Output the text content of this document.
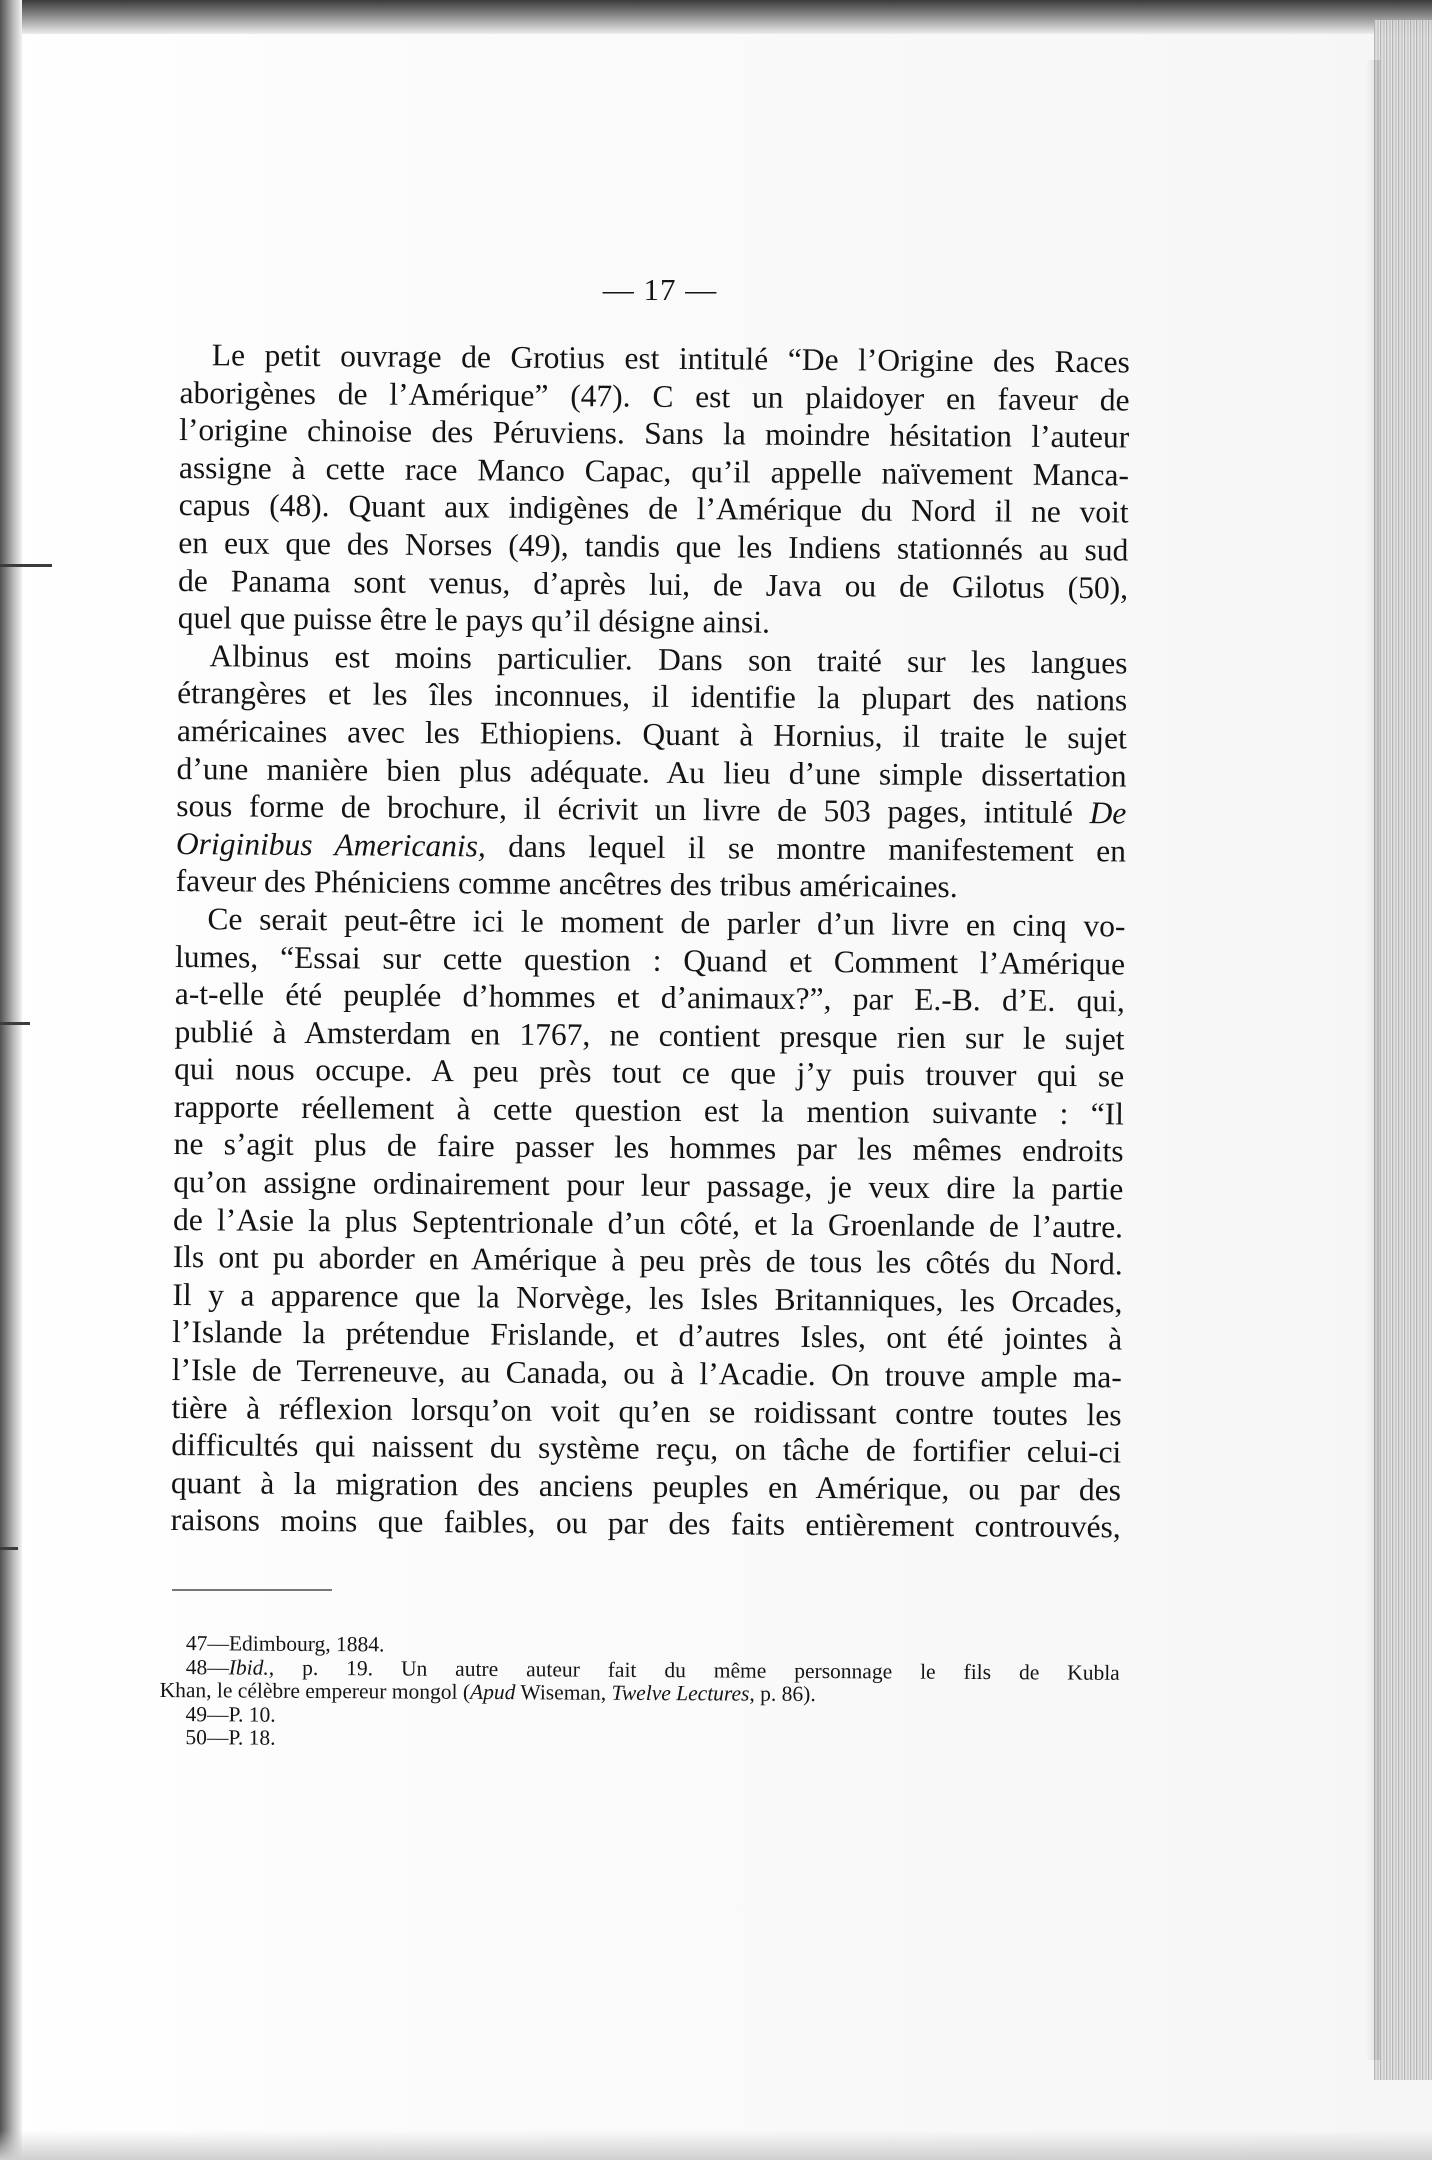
— 17 —
Le petit ouvrage de Grotius est intitulé “De l’Origine des Races
aborigènes de l’Amérique” (47). C est un plaidoyer en faveur de
l’origine chinoise des Péruviens. Sans la moindre hésitation l’auteur
assigne à cette race Manco Capac, qu’il appelle naïvement Manca-
capus (48). Quant aux indigènes de l’Amérique du Nord il ne voit
en eux que des Norses (49), tandis que les Indiens stationnés au sud
de Panama sont venus, d’après lui, de Java ou de Gilotus (50),
quel que puisse être le pays qu’il désigne ainsi.
Albinus est moins particulier. Dans son traité sur les langues
étrangères et les îles inconnues, il identifie la plupart des nations
américaines avec les Ethiopiens. Quant à Hornius, il traite le sujet
d’une manière bien plus adéquate. Au lieu d’une simple dissertation
sous forme de brochure, il écrivit un livre de 503 pages, intitulé De
Originibus Americanis, dans lequel il se montre manifestement en
faveur des Phéniciens comme ancêtres des tribus américaines.
Ce serait peut-être ici le moment de parler d’un livre en cinq vo-
lumes, “Essai sur cette question : Quand et Comment l’Amérique
a-t-elle été peuplée d’hommes et d’animaux?”, par E.-B. d’E. qui,
publié à Amsterdam en 1767, ne contient presque rien sur le sujet
qui nous occupe. A peu près tout ce que j’y puis trouver qui se
rapporte réellement à cette question est la mention suivante : “Il
ne s’agit plus de faire passer les hommes par les mêmes endroits
qu’on assigne ordinairement pour leur passage, je veux dire la partie
de l’Asie la plus Septentrionale d’un côté, et la Groenlande de l’autre.
Ils ont pu aborder en Amérique à peu près de tous les côtés du Nord.
Il y a apparence que la Norvège, les Isles Britanniques, les Orcades,
l’Islande la prétendue Frislande, et d’autres Isles, ont été jointes à
l’Isle de Terreneuve, au Canada, ou à l’Acadie. On trouve ample ma-
tière à réflexion lorsqu’on voit qu’en se roidissant contre toutes les
difficultés qui naissent du système reçu, on tâche de fortifier celui-ci
quant à la migration des anciens peuples en Amérique, ou par des
raisons moins que faibles, ou par des faits entièrement controuvés,
47—Edimbourg, 1884.
48—Ibid., p. 19. Un autre auteur fait du même personnage le fils de Kubla
Khan, le célèbre empereur mongol (Apud Wiseman, Twelve Lectures, p. 86).
49—P. 10.
50—P. 18.
